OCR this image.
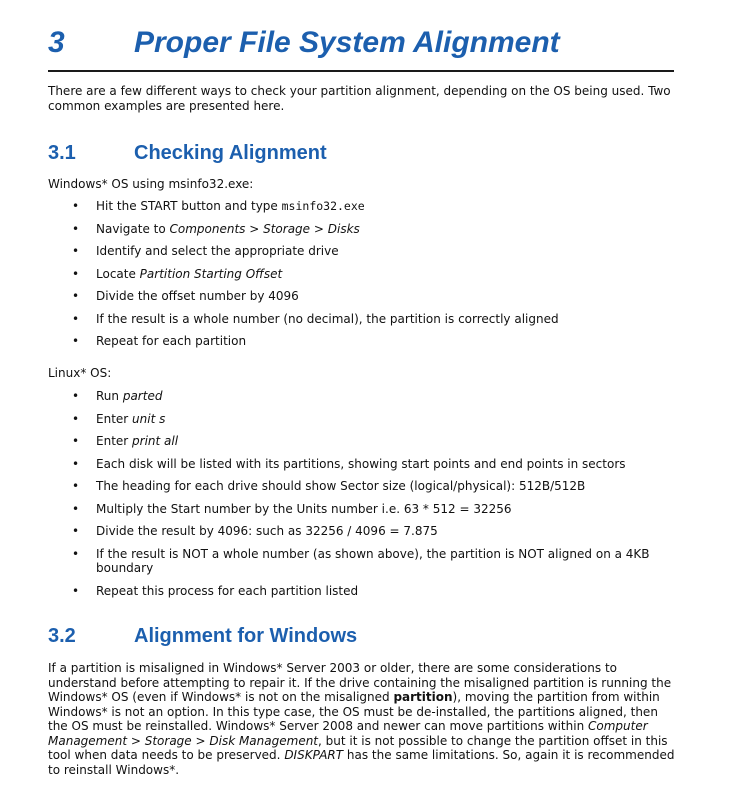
3 Proper File System Alignment

There are a few different ways to check your partition alignment, depending on the OS being used. Two common examples are presented here.

3.1	Checking Alignment
Windows* OS using msinfo32.exe:
• Hit the START button and type msinfo32.exe
• Navigate to Components > Storage > Disks
• Identify and select the appropriate drive
• Locate Partition Starting Offset
• Divide the offset number by 4096
• If the result is a whole number (no decimal), the partition is correctly aligned
• Repeat for each partition
Linux* OS:
• Run parted
• Enter unit s
• Enter print all
• Each disk will be listed with its partitions, showing start points and end points in sectors
• The heading for each drive should show Sector size (logical/physical): 512B/512B
• Multiply the Start number by the Units number i.e. 63 * 512 = 32256
• Divide the result by 4096: such as 32256 / 4096 = 7.875
• If the result is NOT a whole number (as shown above), the partition is NOT aligned on a 4KB boundary
• Repeat this process for each partition listed
3.2	Alignment for Windows

If a partition is misaligned in Windows* Server 2003 or older, there are some considerations to understand before attempting to repair it. If the drive containing the misaligned partition is running the Windows* OS (even if Windows* is not on the misaligned partition), moving the partition from within Windows* is not an option. In this type case, the OS must be de-installed, the partitions aligned, then the OS must be reinstalled. Windows* Server 2008 and newer can move partitions within Computer Management > Storage > Disk Management, but it is not possible to change the partition offset in this tool when data needs to be preserved. DISKPART has the same limitations. So, again it is recommended to reinstall Windows*.
